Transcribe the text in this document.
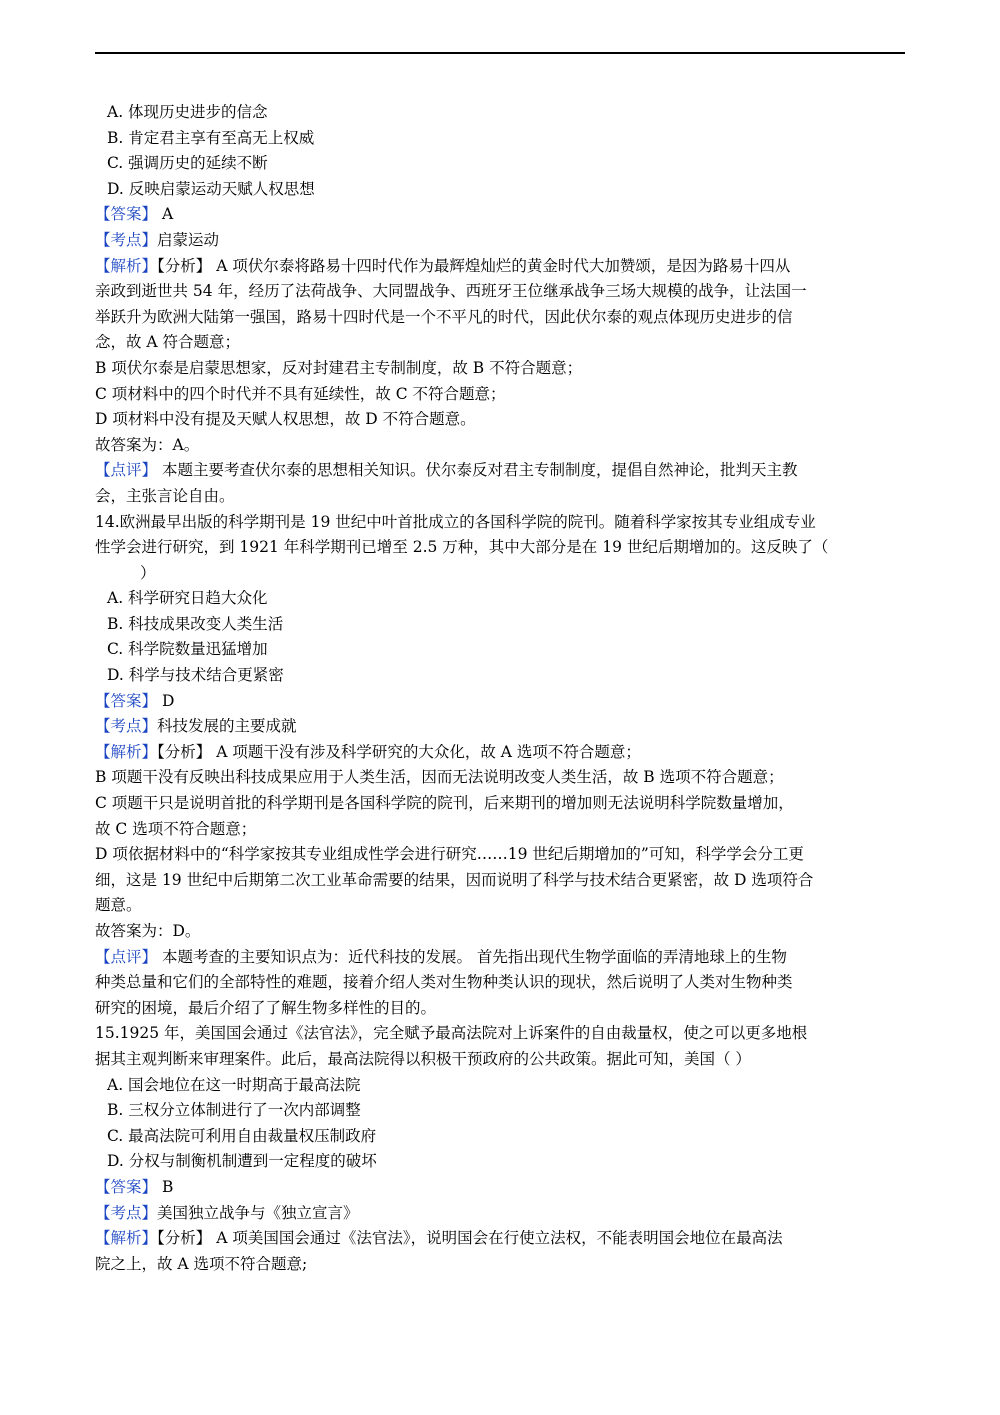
A. 体现历史进步的信念

B. 肯定君主享有至高无上权威

C. 强调历史的延续不断

D. 反映启蒙运动天赋人权思想

【答案】 A

【考点】启蒙运动

【解析】【分析】 A 项伏尔泰将路易十四时代作为最辉煌灿烂的黄金时代大加赞颂，是因为路易十四从

亲政到逝世共 54 年，经历了法荷战争、大同盟战争、西班牙王位继承战争三场大规模的战争，让法国一

举跃升为欧洲大陆第一强国，路易十四时代是一个不平凡的时代，因此伏尔泰的观点体现历史进步的信

念，故 A 符合题意；

B 项伏尔泰是启蒙思想家，反对封建君主专制制度，故 B 不符合题意；

C 项材料中的四个时代并不具有延续性，故 C 不符合题意；

D 项材料中没有提及天赋人权思想，故 D 不符合题意。

故答案为：A。

【点评】 本题主要考查伏尔泰的思想相关知识。伏尔泰反对君主专制制度，提倡自然神论，批判天主教

会，主张言论自由。

14.欧洲最早出版的科学期刊是 19 世纪中叶首批成立的各国科学院的院刊。随着科学家按其专业组成专业

性学会进行研究，到 1921 年科学期刊已增至 2.5 万种，其中大部分是在 19 世纪后期增加的。这反映了（

）

A. 科学研究日趋大众化

B. 科技成果改变人类生活

C. 科学院数量迅猛增加

D. 科学与技术结合更紧密

【答案】 D

【考点】科技发展的主要成就

【解析】【分析】 A 项题干没有涉及科学研究的大众化，故 A 选项不符合题意；

B 项题干没有反映出科技成果应用于人类生活，因而无法说明改变人类生活，故 B 选项不符合题意；

C 项题干只是说明首批的科学期刊是各国科学院的院刊，后来期刊的增加则无法说明科学院数量增加，

故 C 选项不符合题意；

D 项依据材料中的“科学家按其专业组成性学会进行研究……19 世纪后期增加的”可知，科学学会分工更

细，这是 19 世纪中后期第二次工业革命需要的结果，因而说明了科学与技术结合更紧密，故 D 选项符合

题意。

故答案为：D。

【点评】 本题考查的主要知识点为：近代科技的发展。 首先指出现代生物学面临的弄清地球上的生物

种类总量和它们的全部特性的难题，接着介绍人类对生物种类认识的现状，然后说明了人类对生物种类

研究的困境，最后介绍了了解生物多样性的目的。

15.1925 年，美国国会通过《法官法》，完全赋予最高法院对上诉案件的自由裁量权，使之可以更多地根

据其主观判断来审理案件。此后，最高法院得以积极干预政府的公共政策。据此可知，美国（ ）

A. 国会地位在这一时期高于最高法院

B. 三权分立体制进行了一次内部调整

C. 最高法院可利用自由裁量权压制政府

D. 分权与制衡机制遭到一定程度的破坏

【答案】 B

【考点】美国独立战争与《独立宣言》

【解析】【分析】 A 项美国国会通过《法官法》，说明国会在行使立法权，不能表明国会地位在最高法

院之上，故 A 选项不符合题意;
